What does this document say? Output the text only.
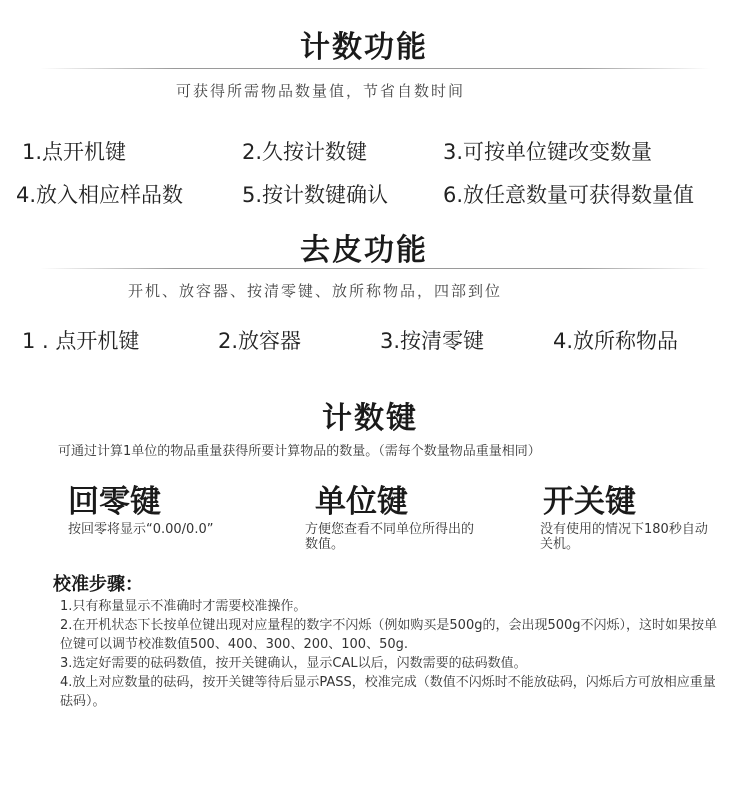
计数功能
可获得所需物品数量值，节省自数时间
1.点开机键	2.久按计数键	3.可按单位键改变数量
4.放入相应样品数	5.按计数键确认	6.放任意数量可获得数量值
去皮功能
开机、放容器、按清零键、放所称物品，四部到位
1 . 点开机键	2.放容器	3.按清零键	4.放所称物品
计数键
可通过计算1单位的物品重量获得所要计算物品的数量。（需每个数量物品重量相同）
回零键
按回零将显示“0.00/0.0”
单位键
方便您查看不同单位所得出的数值。
开关键
没有使用的情况下180秒自动关机。
校准步骤：
1.只有称量显示不准确时才需要校准操作。
2.在开机状态下长按单位键出现对应量程的数字不闪烁（例如购买是500g的，会出现500g不闪烁），这时如果按单位键可以调节校准数值500、400、300、200、100、50g.
3.选定好需要的砝码数值，按开关键确认，显示CAL以后，闪数需要的砝码数值。
4.放上对应数量的砝码，按开关键等待后显示PASS，校准完成（数值不闪烁时不能放砝码，闪烁后方可放相应重量砝码）。
